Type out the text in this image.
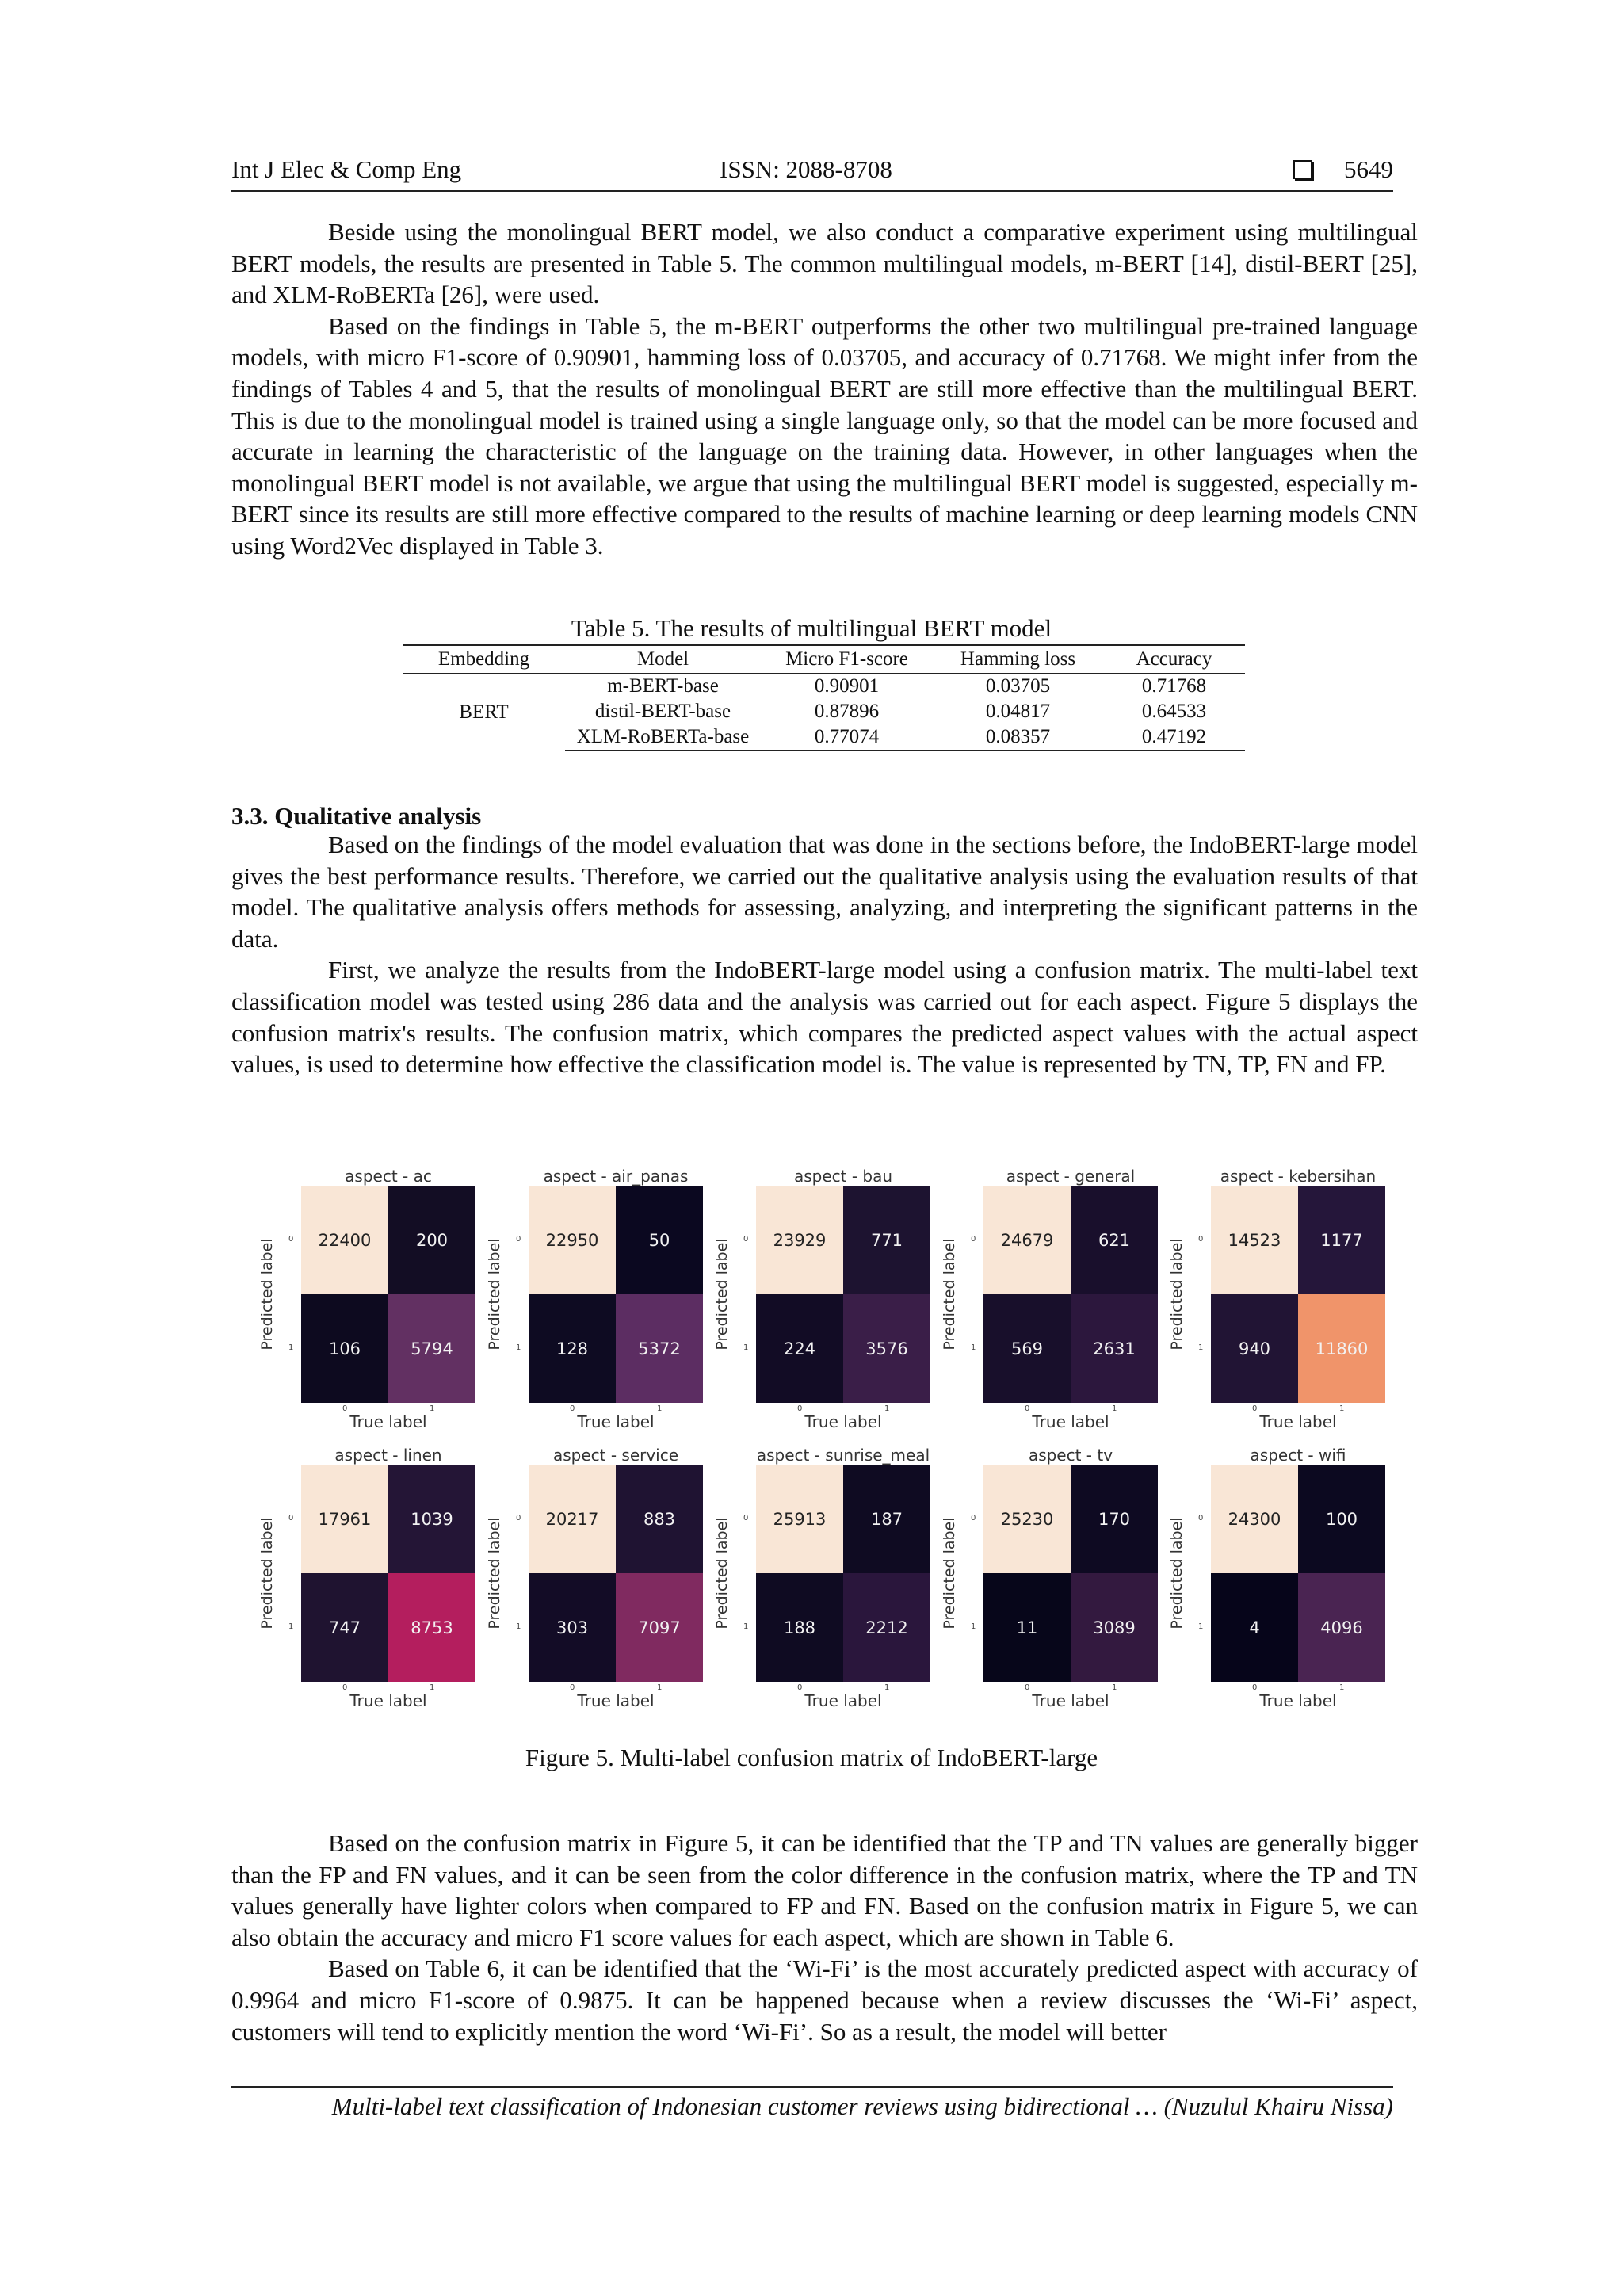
Int J Elec & Comp Eng	ISSN: 2088-8708	5649

Beside using the monolingual BERT model, we also conduct a comparative experiment using multilingual BERT models, the results are presented in Table 5. The common multilingual models, m-BERT [14], distil-BERT [25], and XLM-RoBERTa [26], were used.

Based on the findings in Table 5, the m-BERT outperforms the other two multilingual pre-trained language models, with micro F1-score of 0.90901, hamming loss of 0.03705, and accuracy of 0.71768. We might infer from the findings of Tables 4 and 5, that the results of monolingual BERT are still more effective than the multilingual BERT. This is due to the monolingual model is trained using a single language only, so that the model can be more focused and accurate in learning the characteristic of the language on the training data. However, in other languages when the monolingual BERT model is not available, we argue that using the multilingual BERT model is suggested, especially m-BERT since its results are still more effective compared to the results of machine learning or deep learning models CNN using Word2Vec displayed in Table 3.

Table 5. The results of multilingual BERT model
Embedding	Model	Micro F1-score	Hamming loss	Accuracy
BERT	m-BERT-base	0.90901	0.03705	0.71768
	distil-BERT-base	0.87896	0.04817	0.64533
	XLM-RoBERTa-base	0.77074	0.08357	0.47192
3.3. Qualitative analysis

Based on the findings of the model evaluation that was done in the sections before, the IndoBERT-large model gives the best performance results. Therefore, we carried out the qualitative analysis using the evaluation results of that model. The qualitative analysis offers methods for assessing, analyzing, and interpreting the significant patterns in the data.

First, we analyze the results from the IndoBERT-large model using a confusion matrix. The multi-label text classification model was tested using 286 data and the analysis was carried out for each aspect. Figure 5 displays the confusion matrix's results. The confusion matrix, which compares the predicted aspect values with the actual aspect values, is used to determine how effective the classification model is. The value is represented by TN, TP, FN and FP.

aspect - ac
Predicted label 0
0
1
1
22400	200
106	5794
True label
aspect - air_panas
Predicted label 0
0
1
1
22950	50
128	5372
True label
aspect - bau
Predicted label 0
0
1
1
23929	771
224	3576
True label
aspect - general
Predicted label 0
0
1
1
24679	621
569	2631
True label
aspect - kebersihan
Predicted label 0
0
1
1
14523	1177
940	11860
True label
aspect - linen
Predicted label 0
0
1
1
17961	1039
747	8753
True label
aspect - service
Predicted label 0
0
1
1
20217	883
303	7097
True label
aspect - sunrise_meal
Predicted label 0
0
1
1
25913	187
188	2212
True label
aspect - tv
Predicted label 0
0
1
1
25230	170
11	3089
True label
aspect - wifi
Predicted label 0
0
1
1
24300	100
4	4096
True label
Figure 5. Multi-label confusion matrix of IndoBERT-large

Based on the confusion matrix in Figure 5, it can be identified that the TP and TN values are generally bigger than the FP and FN values, and it can be seen from the color difference in the confusion matrix, where the TP and TN values generally have lighter colors when compared to FP and FN. Based on the confusion matrix in Figure 5, we can also obtain the accuracy and micro F1 score values for each aspect, which are shown in Table 6.

Based on Table 6, it can be identified that the ‘Wi-Fi’ is the most accurately predicted aspect with accuracy of 0.9964 and micro F1-score of 0.9875. It can be happened because when a review discusses the ‘Wi-Fi’ aspect, customers will tend to explicitly mention the word ‘Wi-Fi’. So as a result, the model will better

Multi-label text classification of Indonesian customer reviews using bidirectional … (Nuzulul Khairu Nissa)
